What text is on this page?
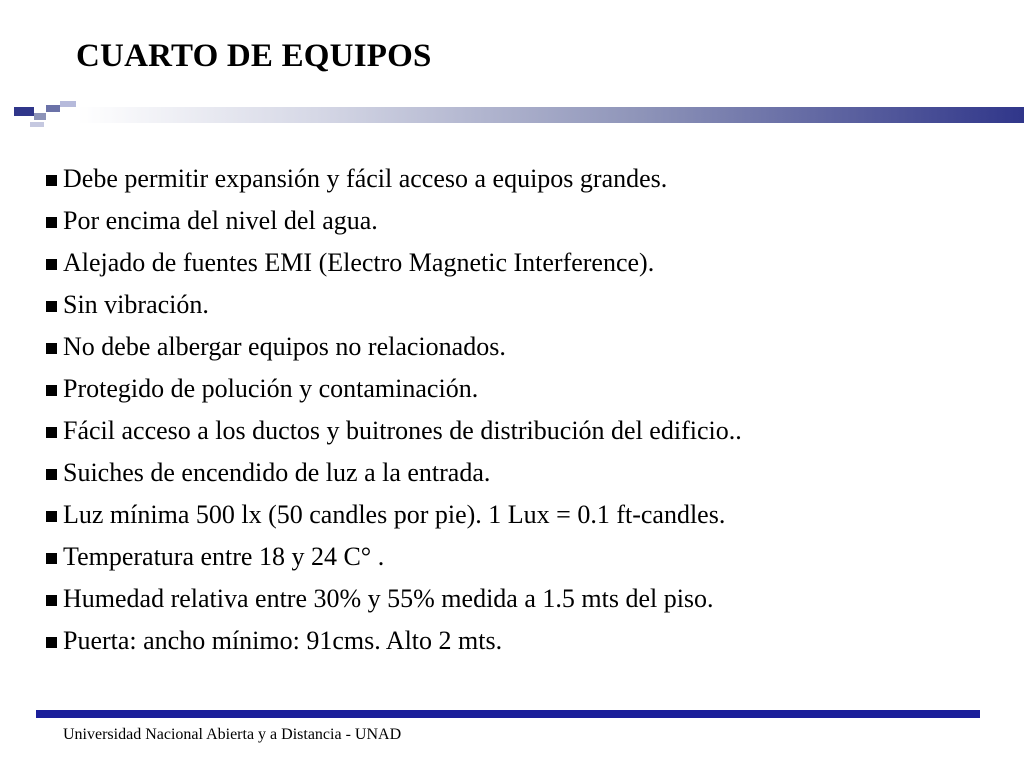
CUARTO DE EQUIPOS
Debe permitir expansión y fácil acceso a equipos grandes.
Por encima del nivel del agua.
Alejado de fuentes EMI (Electro Magnetic Interference).
Sin vibración.
No debe albergar equipos no relacionados.
Protegido de polución y contaminación.
Fácil acceso a los ductos y buitrones de distribución del edificio..
Suiches de encendido de luz a la entrada.
Luz mínima 500 lx (50 candles por pie). 1 Lux = 0.1 ft-candles.
Temperatura entre 18 y 24 C° .
Humedad relativa entre 30% y 55% medida a 1.5 mts del piso.
Puerta: ancho mínimo: 91cms. Alto 2 mts.
Universidad Nacional Abierta y a Distancia - UNAD
